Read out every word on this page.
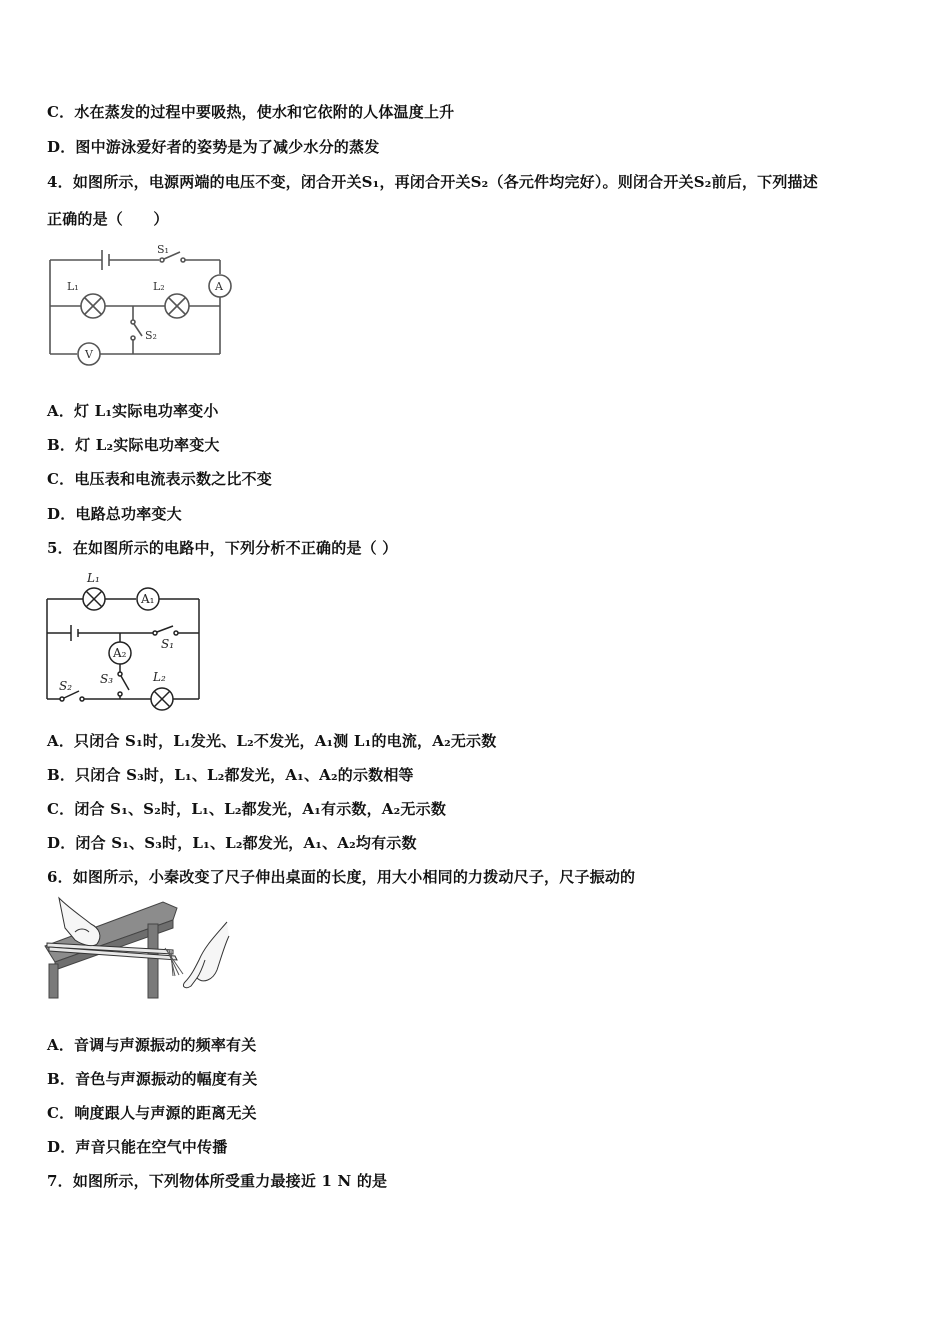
C．水在蒸发的过程中要吸热，使水和它依附的人体温度上升
D．图中游泳爱好者的姿势是为了减少水分的蒸发
4．如图所示，电源两端的电压不变，闭合开关S₁，再闭合开关S₂（各元件均完好）。则闭合开关S₂前后，下列描述
正确的是（　　）
S₁
L₁	L₂	A
S₂
V
A．灯 L₁实际电功率变小
B．灯 L₂实际电功率变大
C．电压表和电流表示数之比不变
D．电路总功率变大
5．在如图所示的电路中，下列分析不正确的是（ ）
L₁
A₁
S₁
A₂
S₃	L₂
S₂
A．只闭合 S₁时，L₁发光、L₂不发光，A₁测 L₁的电流，A₂无示数
B．只闭合 S₃时，L₁、L₂都发光，A₁、A₂的示数相等
C．闭合 S₁、S₂时，L₁、L₂都发光，A₁有示数，A₂无示数
D．闭合 S₁、S₃时，L₁、L₂都发光，A₁、A₂均有示数
6．如图所示，小秦改变了尺子伸出桌面的长度，用大小相同的力拨动尺子，尺子振动的
A．音调与声源振动的频率有关
B．音色与声源振动的幅度有关
C．响度跟人与声源的距离无关
D．声音只能在空气中传播
7．如图所示，下列物体所受重力最接近 1 N 的是
